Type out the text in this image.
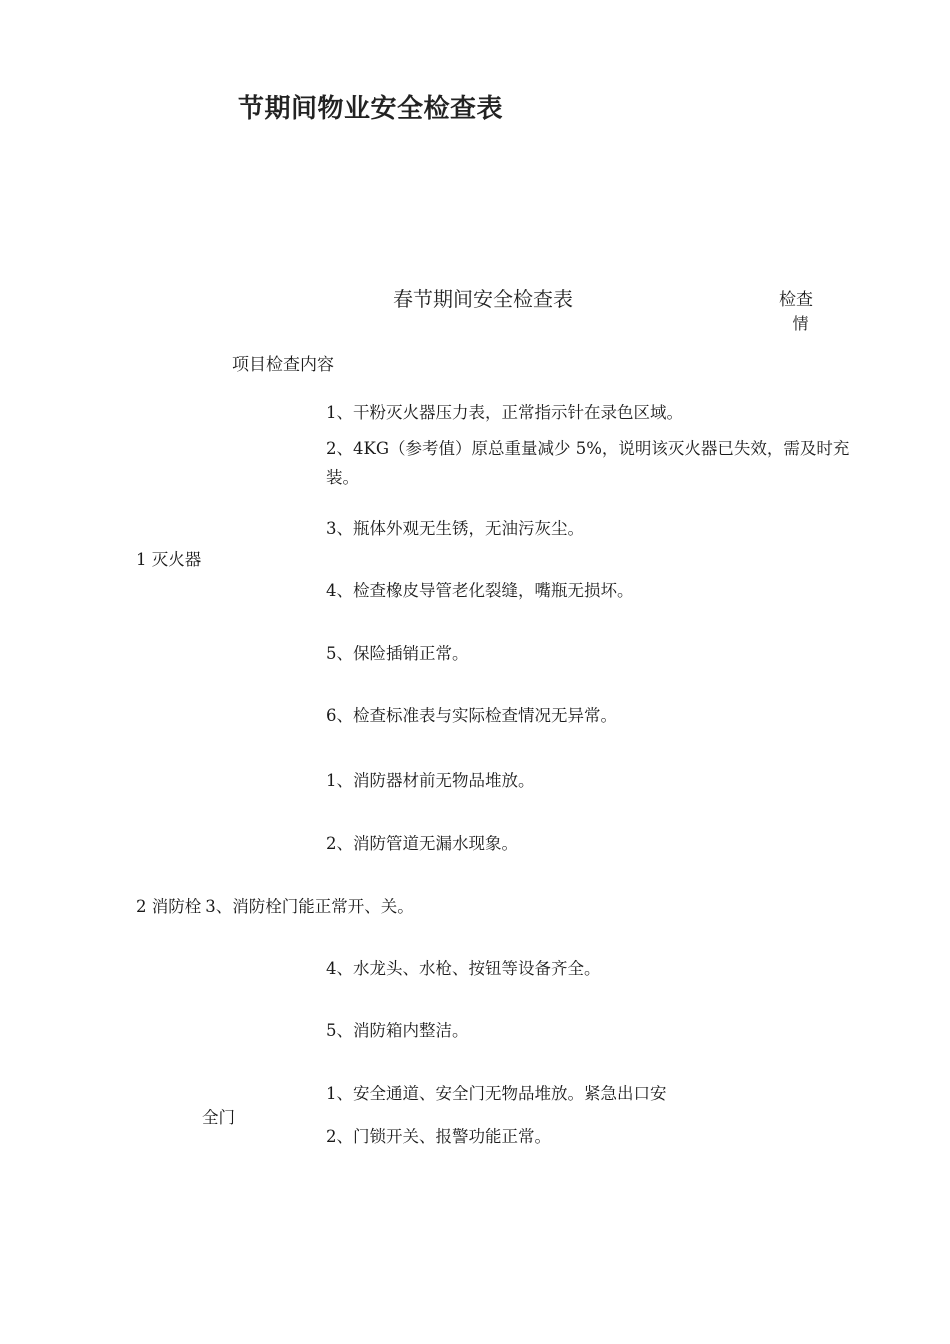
节期间物业安全检查表
春节期间安全检查表	检查
情
项目检查内容
1 灭火器
1、干粉灭火器压力表，正常指示针在录色区域。
2、4KG（参考值）原总重量减少 5%，说明该灭火器已失效，需及时充装。
3、瓶体外观无生锈，无油污灰尘。
4、检查橡皮导管老化裂缝，嘴瓶无损坏。
5、保险插销正常。
6、检查标准表与实际检查情况无异常。
1、消防器材前无物品堆放。
2、消防管道无漏水现象。
2 消防栓 3、消防栓门能正常开、关。
4、水龙头、水枪、按钮等设备齐全。
5、消防箱内整洁。
全门
1、安全通道、安全门无物品堆放。紧急出口安
2、门锁开关、报警功能正常。
